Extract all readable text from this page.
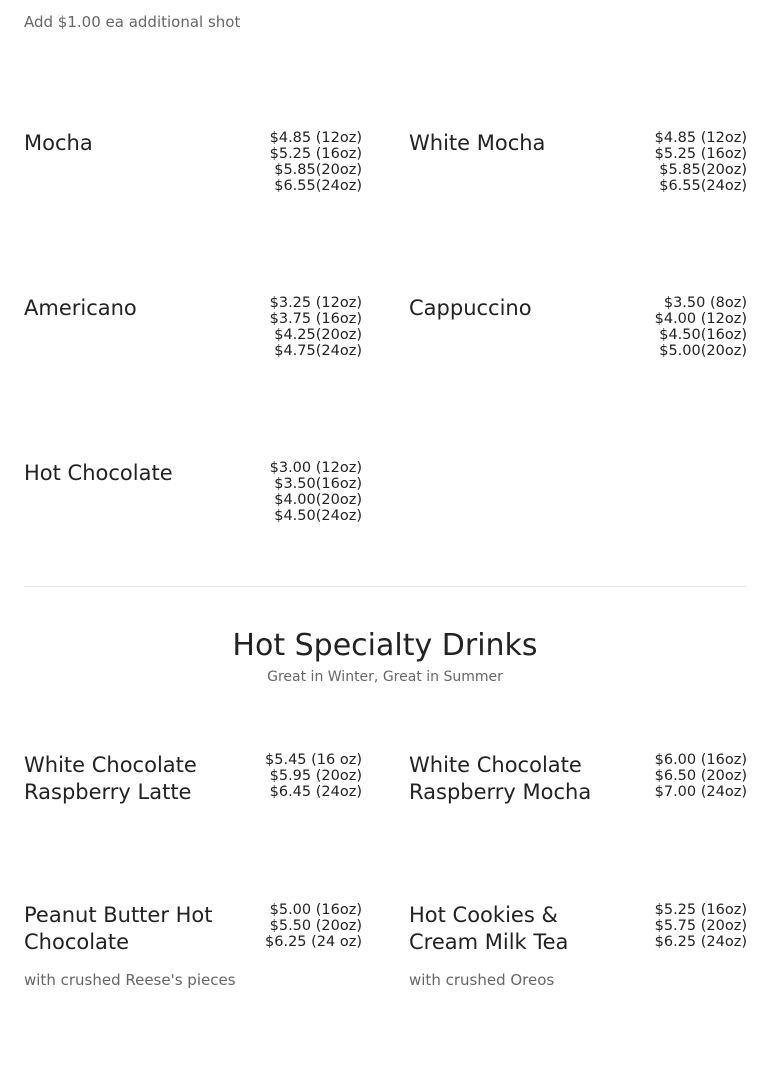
Add $1.00 ea additional shot
Mocha	$4.85 (12oz)
$5.25 (16oz)
$5.85(20oz)
$6.55(24oz)
White Mocha	$4.85 (12oz)
$5.25 (16oz)
$5.85(20oz)
$6.55(24oz)
Americano	$3.25 (12oz)
$3.75 (16oz)
$4.25(20oz)
$4.75(24oz)
Cappuccino	$3.50 (8oz)
$4.00 (12oz)
$4.50(16oz)
$5.00(20oz)
Hot Chocolate	$3.00 (12oz)
$3.50(16oz)
$4.00(20oz)
$4.50(24oz)
Hot Specialty Drinks
Great in Winter, Great in Summer
White Chocolate Raspberry Latte
$5.45 (16 oz)
$5.95 (20oz)
$6.45 (24oz)
White Chocolate Raspberry Mocha
$6.00 (16oz)
$6.50 (20oz)
$7.00 (24oz)
Peanut Butter Hot Chocolate
$5.00 (16oz)
$5.50 (20oz)
$6.25 (24 oz)
with crushed Reese's pieces
Hot Cookies & Cream Milk Tea
$5.25 (16oz)
$5.75 (20oz)
$6.25 (24oz)
with crushed Oreos
